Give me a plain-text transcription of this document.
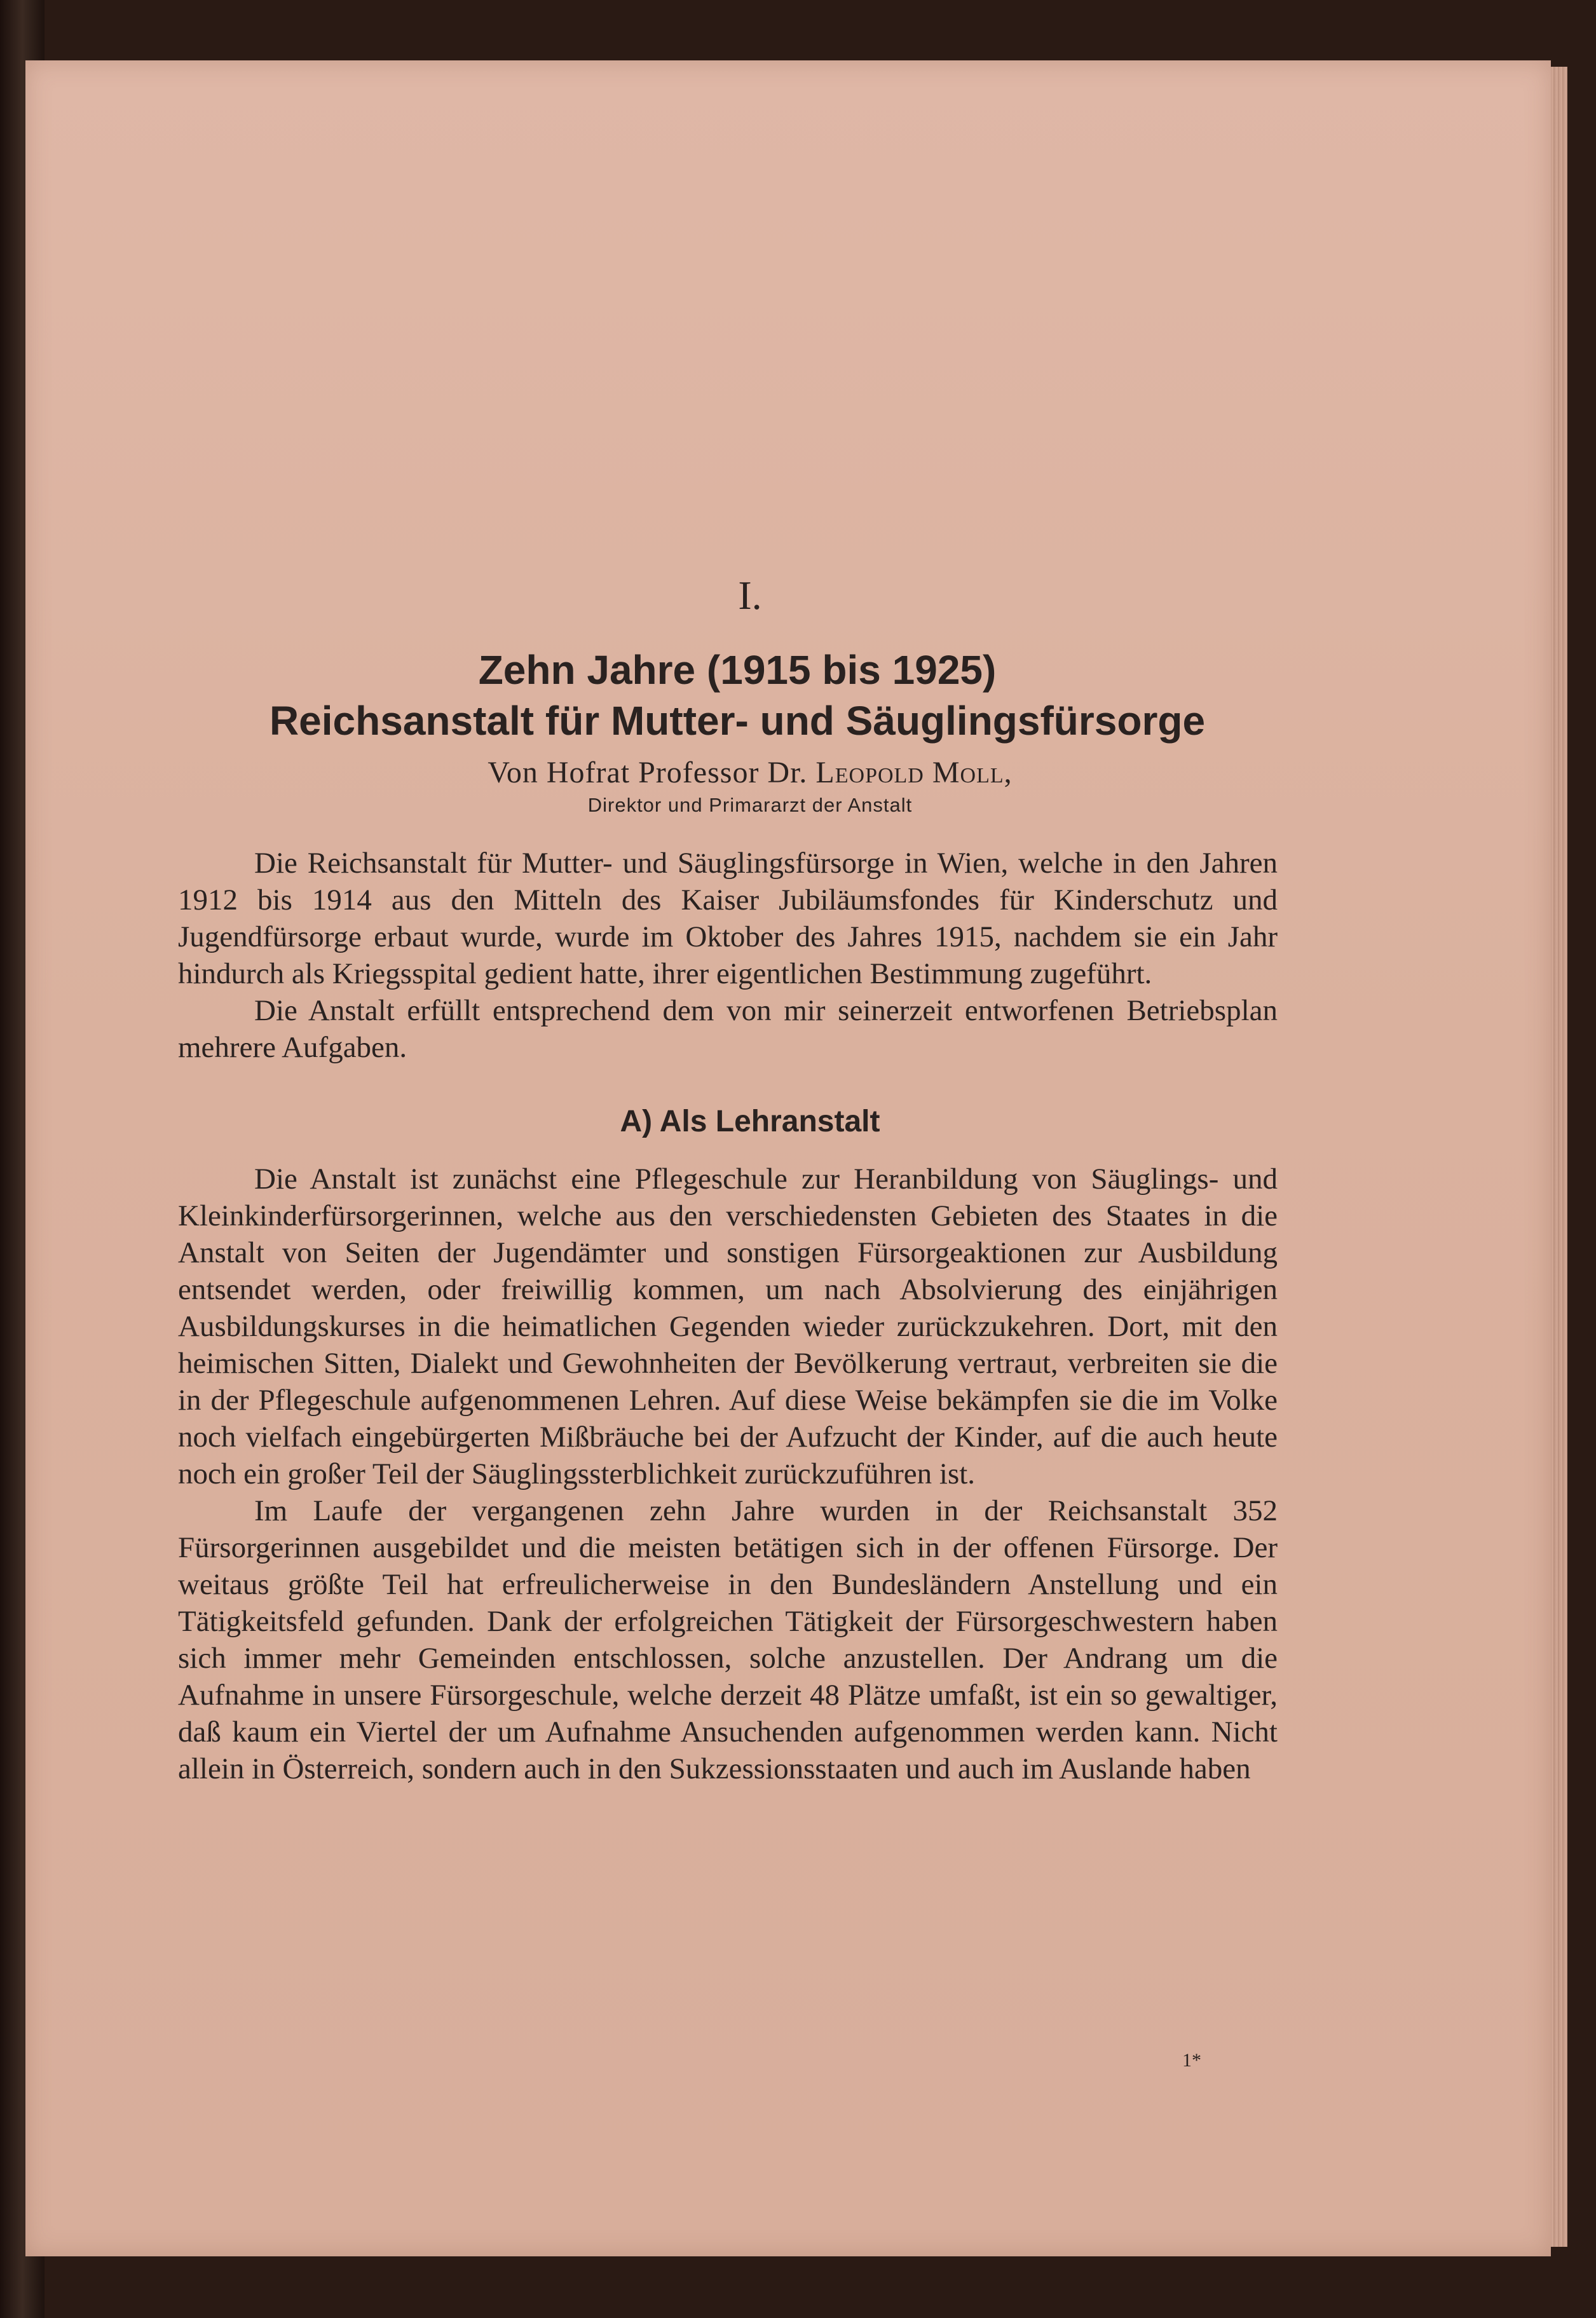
I.
Zehn Jahre (1915 bis 1925)
Reichsanstalt für Mutter- und Säuglingsfürsorge
Von Hofrat Professor Dr. Leopold Moll,
Direktor und Primararzt der Anstalt

Die Reichsanstalt für Mutter- und Säuglingsfürsorge in Wien, welche in den Jahren 1912 bis 1914 aus den Mitteln des Kaiser Jubiläumsfondes für Kinderschutz und Jugendfürsorge erbaut wurde, wurde im Oktober des Jahres 1915, nachdem sie ein Jahr hindurch als Kriegsspital gedient hatte, ihrer eigentlichen Bestimmung zugeführt.

Die Anstalt erfüllt entsprechend dem von mir seinerzeit entworfenen Betriebsplan mehrere Aufgaben.

A) Als Lehranstalt

Die Anstalt ist zunächst eine Pflegeschule zur Heranbildung von Säuglings- und Kleinkinderfürsorgerinnen, welche aus den verschiedensten Gebieten des Staates in die Anstalt von Seiten der Jugendämter und sonstigen Fürsorgeaktionen zur Ausbildung entsendet werden, oder freiwillig kommen, um nach Absolvierung des einjährigen Ausbildungskurses in die heimatlichen Gegenden wieder zurückzukehren. Dort, mit den heimischen Sitten, Dialekt und Gewohnheiten der Bevölkerung vertraut, verbreiten sie die in der Pflegeschule aufgenommenen Lehren. Auf diese Weise bekämpfen sie die im Volke noch vielfach eingebürgerten Mißbräuche bei der Aufzucht der Kinder, auf die auch heute noch ein großer Teil der Säuglingssterblichkeit zurückzuführen ist.

Im Laufe der vergangenen zehn Jahre wurden in der Reichsanstalt 352 Fürsorgerinnen ausgebildet und die meisten betätigen sich in der offenen Fürsorge. Der weitaus größte Teil hat erfreulicherweise in den Bundesländern Anstellung und ein Tätigkeitsfeld gefunden. Dank der erfolgreichen Tätigkeit der Fürsorgeschwestern haben sich immer mehr Gemeinden entschlossen, solche anzustellen. Der Andrang um die Aufnahme in unsere Fürsorgeschule, welche derzeit 48 Plätze umfaßt, ist ein so gewaltiger, daß kaum ein Viertel der um Aufnahme Ansuchenden aufgenommen werden kann. Nicht allein in Österreich, sondern auch in den Sukzessionsstaaten und auch im Auslande haben

1*
